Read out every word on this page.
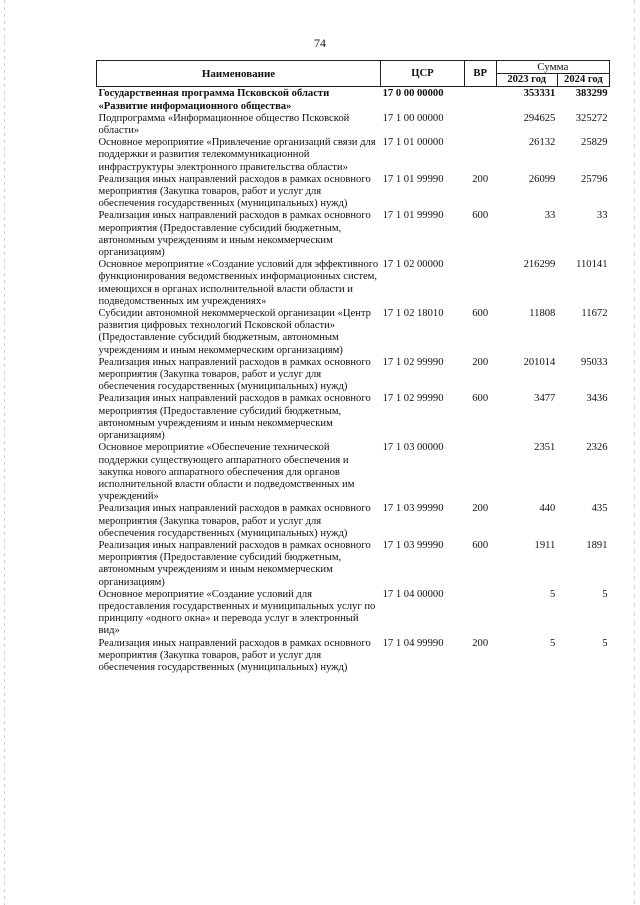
74
Наименование	ЦСР	ВР	Сумма	
			2023 год	2024 год
Государственная программа Псковской области «Развитие информационного общества»	17 0 00 00000		353331	383299
Подпрограмма «Информационное общество Псковской области»	17 1 00 00000		294625	325272
Основное мероприятие «Привлечение организаций связи для поддержки и развития телекоммуникационной инфраструктуры электронного правительства области»	17 1 01 00000		26132	25829
Реализация иных направлений расходов в рамках основного мероприятия (Закупка товаров, работ и услуг для обеспечения государственных (муниципальных) нужд)	17 1 01 99990	200	26099	25796
Реализация иных направлений расходов в рамках основного мероприятия (Предоставление субсидий бюджетным, автономным учреждениям и иным некоммерческим организациям)	17 1 01 99990	600	33	33
Основное мероприятие «Создание условий для эффективного функционирования ведомственных информационных систем, имеющихся в органах исполнительной власти области и подведомственных им учреждениях»	17 1 02 00000		216299	110141
Субсидии автономной некоммерческой организации «Центр развития цифровых технологий Псковской области» (Предоставление субсидий бюджетным, автономным учреждениям и иным некоммерческим организациям)	17 1 02 18010	600	11808	11672
Реализация иных направлений расходов в рамках основного мероприятия (Закупка товаров, работ и услуг для обеспечения государственных (муниципальных) нужд)	17 1 02 99990	200	201014	95033
Реализация иных направлений расходов в рамках основного мероприятия (Предоставление субсидий бюджетным, автономным учреждениям и иным некоммерческим организациям)	17 1 02 99990	600	3477	3436
Основное мероприятие «Обеспечение технической поддержки существующего аппаратного обеспечения и закупка нового аппаратного обеспечения для органов исполнительной власти области и подведомственных им учреждений»	17 1 03 00000		2351	2326
Реализация иных направлений расходов в рамках основного мероприятия (Закупка товаров, работ и услуг для обеспечения государственных (муниципальных) нужд)	17 1 03 99990	200	440	435
Реализация иных направлений расходов в рамках основного мероприятия (Предоставление субсидий бюджетным, автономным учреждениям и иным некоммерческим организациям)	17 1 03 99990	600	1911	1891
Основное мероприятие «Создание условий для предоставления государственных и муниципальных услуг по принципу «одного окна» и перевода услуг в электронный вид»	17 1 04 00000		5	5
Реализация иных направлений расходов в рамках основного мероприятия (Закупка товаров, работ и услуг для обеспечения государственных (муниципальных) нужд)	17 1 04 99990	200	5	5
